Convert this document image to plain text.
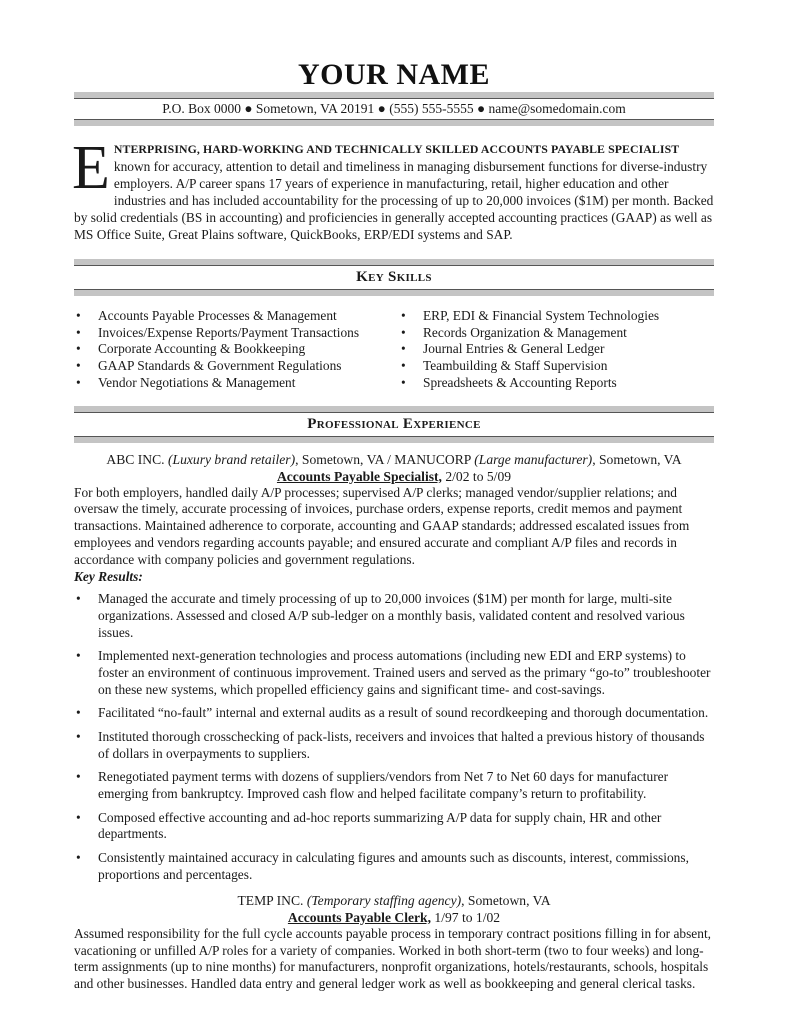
YOUR NAME
P.O. Box 0000 ● Sometown, VA 20191 ● (555) 555-5555 ● name@somedomain.com
ENTERPRISING, HARD-WORKING AND TECHNICALLY SKILLED ACCOUNTS PAYABLE SPECIALIST known for accuracy, attention to detail and timeliness in managing disbursement functions for diverse-industry employers. A/P career spans 17 years of experience in manufacturing, retail, higher education and other industries and has included accountability for the processing of up to 20,000 invoices ($1M) per month. Backed by solid credentials (BS in accounting) and proficiencies in generally accepted accounting practices (GAAP) as well as MS Office Suite, Great Plains software, QuickBooks, ERP/EDI systems and SAP.
Key Skills
• Accounts Payable Processes & Management
• Invoices/Expense Reports/Payment Transactions
• Corporate Accounting & Bookkeeping
• GAAP Standards & Government Regulations
• Vendor Negotiations & Management
• ERP, EDI & Financial System Technologies
• Records Organization & Management
• Journal Entries & General Ledger
• Teambuilding & Staff Supervision
• Spreadsheets & Accounting Reports
Professional Experience
ABC INC. (Luxury brand retailer), Sometown, VA / MANUCORP (Large manufacturer), Sometown, VA
Accounts Payable Specialist, 2/02 to 5/09
For both employers, handled daily A/P processes; supervised A/P clerks; managed vendor/supplier relations; and oversaw the timely, accurate processing of invoices, purchase orders, expense reports, credit memos and payment transactions. Maintained adherence to corporate, accounting and GAAP standards; addressed escalated issues from employees and vendors regarding accounts payable; and ensured accurate and compliant A/P files and records in accordance with company policies and government regulations.
Key Results:
• Managed the accurate and timely processing of up to 20,000 invoices ($1M) per month for large, multi-site organizations. Assessed and closed A/P sub-ledger on a monthly basis, validated content and resolved various issues.
• Implemented next-generation technologies and process automations (including new EDI and ERP systems) to foster an environment of continuous improvement. Trained users and served as the primary “go-to” troubleshooter on these new systems, which propelled efficiency gains and significant time- and cost-savings.
• Facilitated “no-fault” internal and external audits as a result of sound recordkeeping and thorough documentation.
• Instituted thorough crosschecking of pack-lists, receivers and invoices that halted a previous history of thousands of dollars in overpayments to suppliers.
• Renegotiated payment terms with dozens of suppliers/vendors from Net 7 to Net 60 days for manufacturer emerging from bankruptcy. Improved cash flow and helped facilitate company’s return to profitability.
• Composed effective accounting and ad-hoc reports summarizing A/P data for supply chain, HR and other departments.
• Consistently maintained accuracy in calculating figures and amounts such as discounts, interest, commissions, proportions and percentages.
TEMP INC. (Temporary staffing agency), Sometown, VA
Accounts Payable Clerk, 1/97 to 1/02
Assumed responsibility for the full cycle accounts payable process in temporary contract positions filling in for absent, vacationing or unfilled A/P roles for a variety of companies. Worked in both short-term (two to four weeks) and long-term assignments (up to nine months) for manufacturers, nonprofit organizations, hotels/restaurants, schools, hospitals and other businesses. Handled data entry and general ledger work as well as bookkeeping and general clerical tasks.
